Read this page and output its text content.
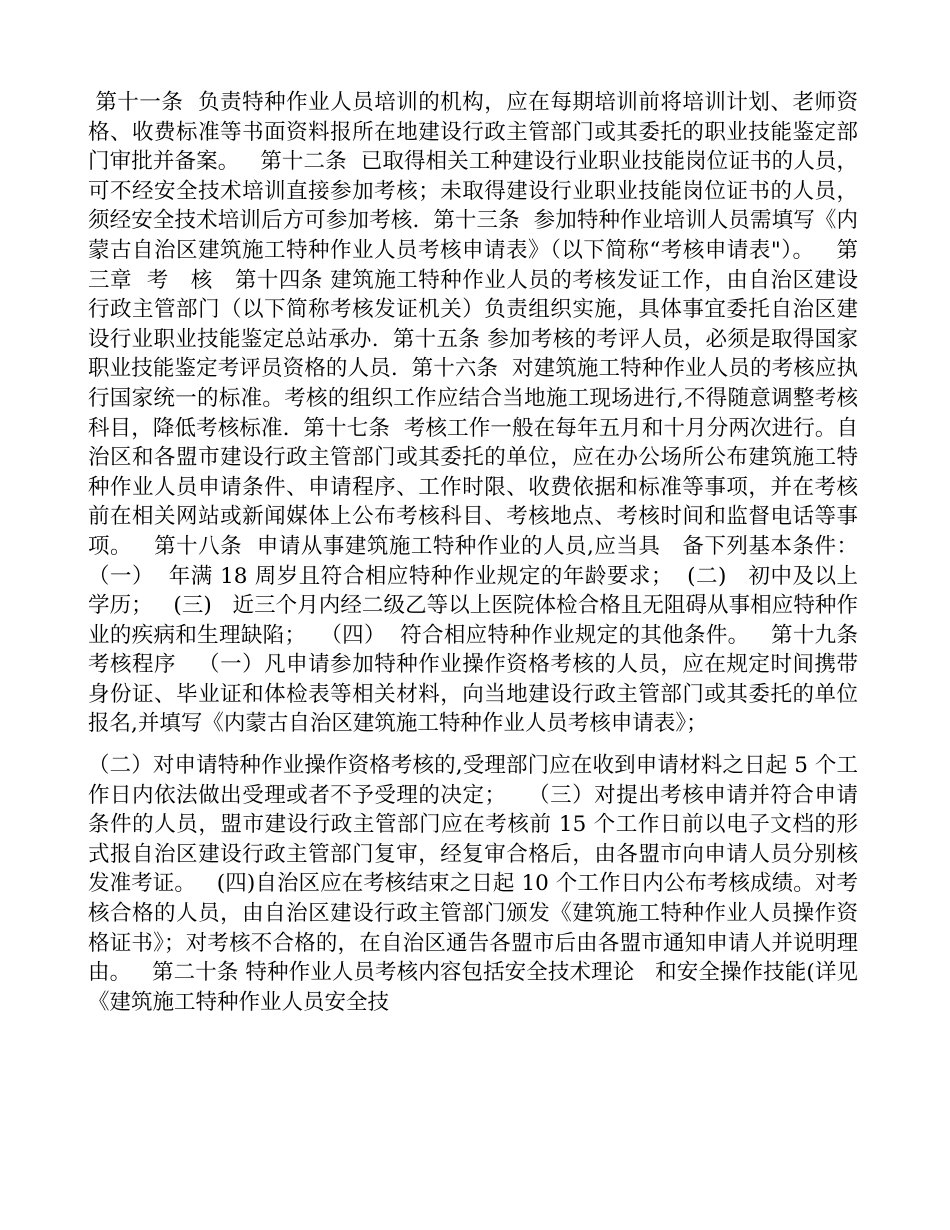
第十一条  负责特种作业人员培训的机构，应在每期培训前将培训计划、老师资格、收费标准等书面资料报所在地建设行政主管部门或其委托的职业技能鉴定部门审批并备案。   第十二条  已取得相关工种建设行业职业技能岗位证书的人员，可不经安全技术培训直接参加考核；未取得建设行业职业技能岗位证书的人员，须经安全技术培训后方可参加考核.  第十三条  参加特种作业培训人员需填写《内蒙古自治区建筑施工特种作业人员考核申请表》（以下简称“考核申请表"）。   第三章  考   核   第十四条 建筑施工特种作业人员的考核发证工作，由自治区建设行政主管部门（以下简称考核发证机关）负责组织实施，具体事宜委托自治区建设行业职业技能鉴定总站承办.  第十五条 参加考核的考评人员，必须是取得国家职业技能鉴定考评员资格的人员.  第十六条  对建筑施工特种作业人员的考核应执行国家统一的标准。考核的组织工作应结合当地施工现场进行,不得随意调整考核科目，降低考核标准.  第十七条  考核工作一般在每年五月和十月分两次进行。自治区和各盟市建设行政主管部门或其委托的单位，应在办公场所公布建筑施工特种作业人员申请条件、申请程序、工作时限、收费依据和标准等事项，并在考核前在相关网站或新闻媒体上公布考核科目、考核地点、考核时间和监督电话等事项。   第十八条  申请从事建筑施工特种作业的人员,应当具   备下列基本条件：  （一）  年满 18 周岁且符合相应特种作业规定的年龄要求；  (二)   初中及以上学历；   (三)   近三个月内经二级乙等以上医院体检合格且无阻碍从事相应特种作业的疾病和生理缺陷；  （四）  符合相应特种作业规定的其他条件。   第十九条  考核程序   （一）凡申请参加特种作业操作资格考核的人员，应在规定时间携带身份证、毕业证和体检表等相关材料，向当地建设行政主管部门或其委托的单位报名,并填写《内蒙古自治区建筑施工特种作业人员考核申请表》；

（二）对申请特种作业操作资格考核的,受理部门应在收到申请材料之日起 5 个工作日内依法做出受理或者不予受理的决定；   （三）对提出考核申请并符合申请条件的人员，盟市建设行政主管部门应在考核前 15 个工作日前以电子文档的形式报自治区建设行政主管部门复审，经复审合格后，由各盟市向申请人员分别核发准考证。   (四)自治区应在考核结束之日起 10 个工作日内公布考核成绩。对考核合格的人员，由自治区建设行政主管部门颁发《建筑施工特种作业人员操作资格证书》；对考核不合格的，在自治区通告各盟市后由各盟市通知申请人并说明理由。   第二十条 特种作业人员考核内容包括安全技术理论   和安全操作技能(详见《建筑施工特种作业人员安全技
